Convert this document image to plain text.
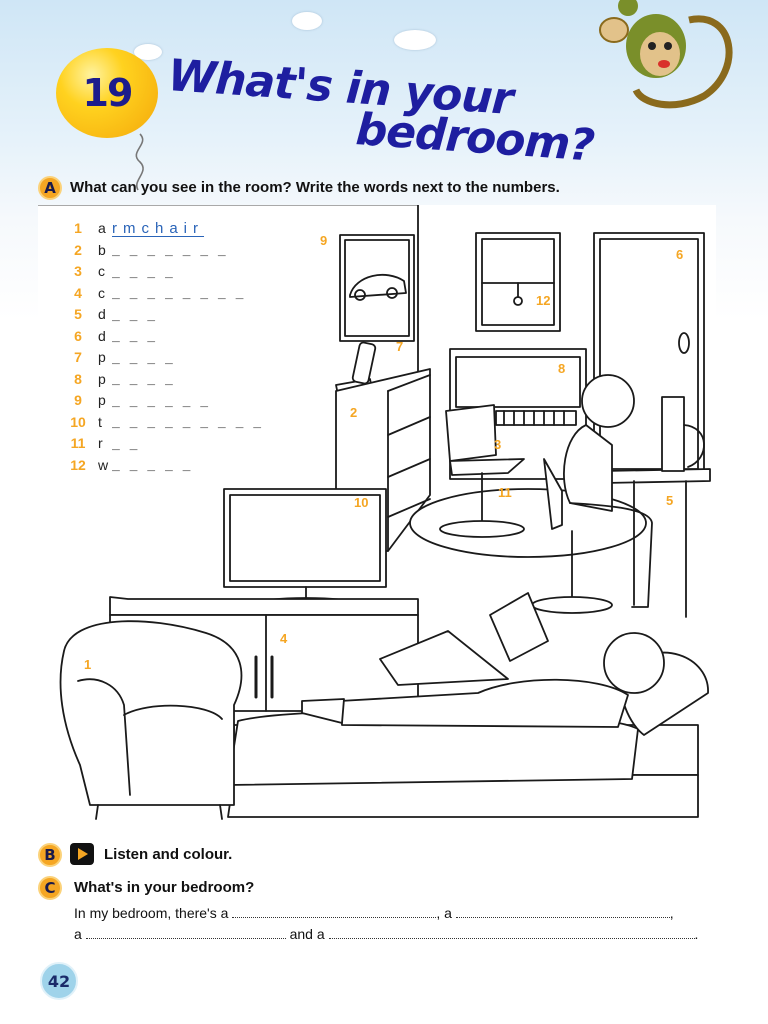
19 What's in your
bedroom?
A What can you see in the room? Write the words next to the numbers.
1
2
3
4
5
6
7
8
9
10
11
12
1	a rmchair
2	b _ _ _ _ _ _ _
3	c _ _ _ _
4	c _ _ _ _ _ _ _ _
5	d _ _ _
6	d _ _ _
7	p _ _ _ _
8	p _ _ _ _
9	p _ _ _ _ _ _
10 t _ _ _ _ _ _ _ _ _
11 r _ _
12 w _ _ _ _ _
B	Listen and colour.
C	What's in your bedroom?
In my bedroom, there's a	, a	,
a	and a	.
42
